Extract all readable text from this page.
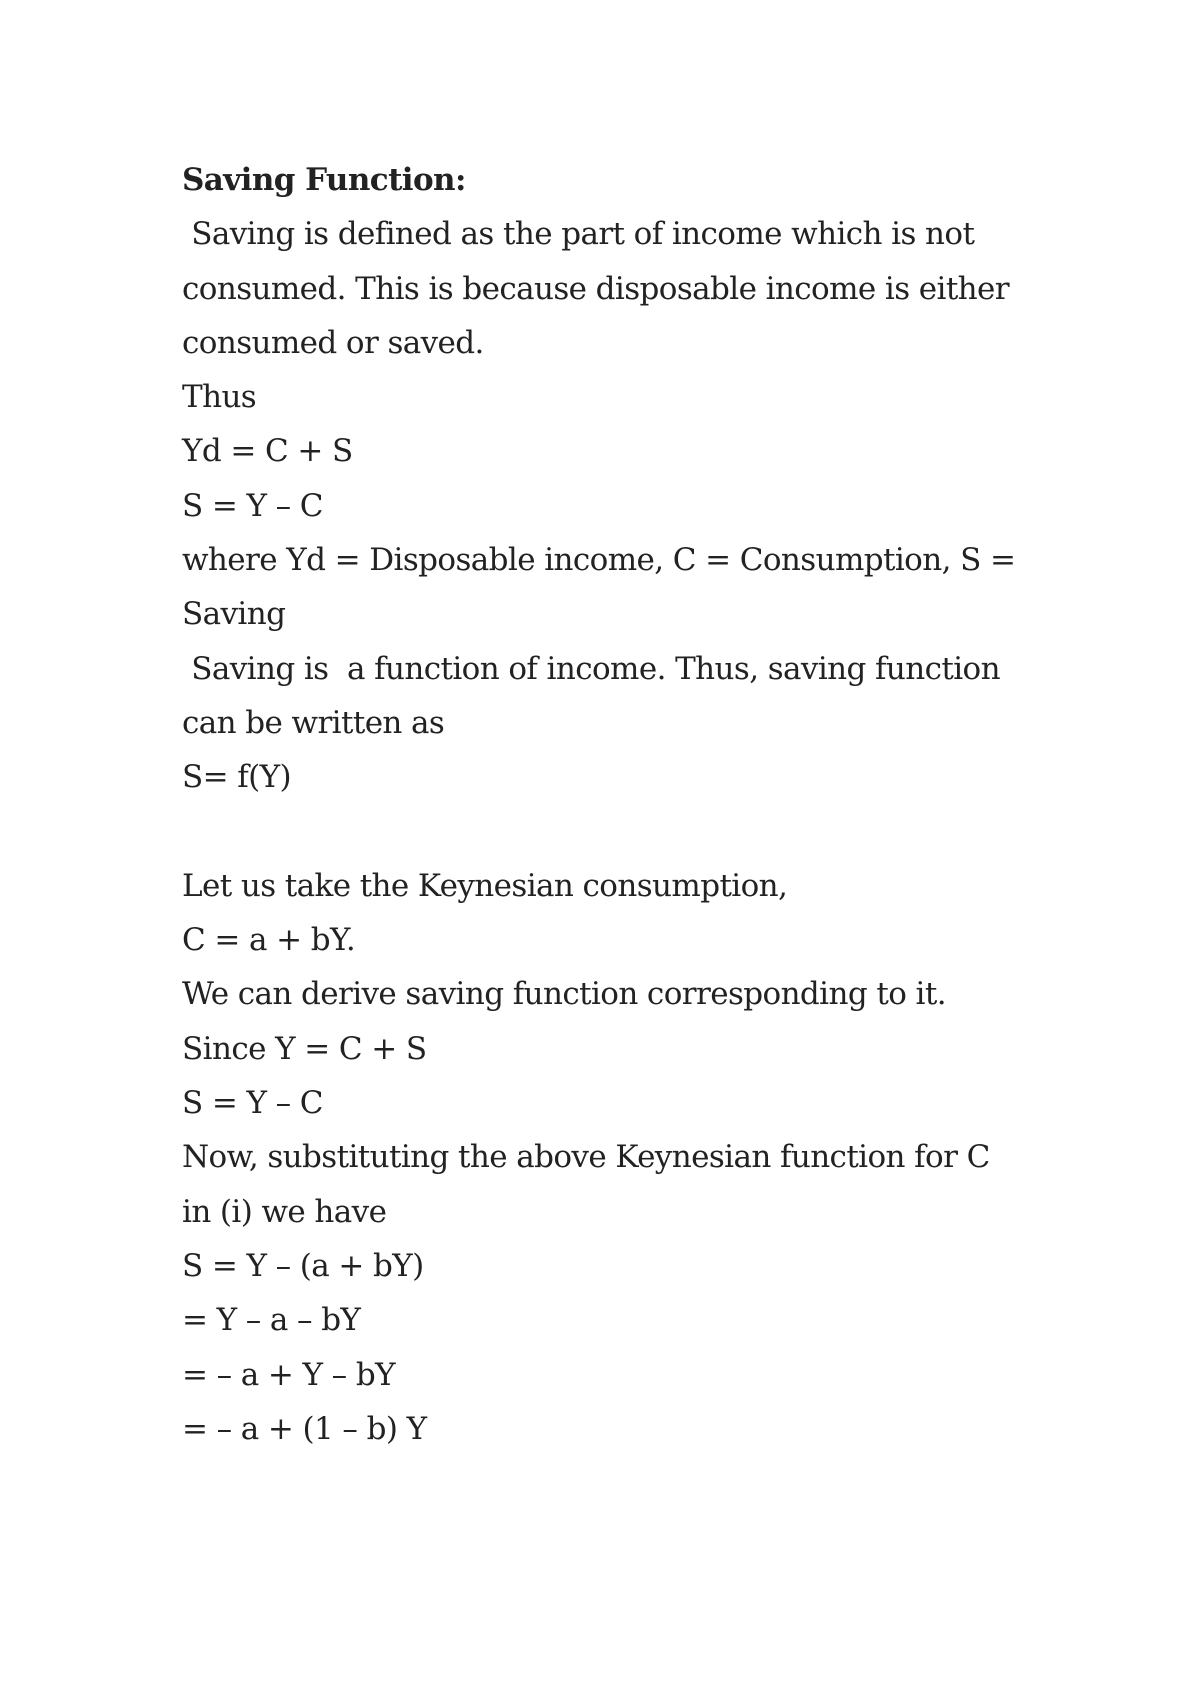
Saving Function:
Saving is defined as the part of income which is not
consumed. This is because disposable income is either
consumed or saved.
Thus
Yd = C + S
S = Y – C
where Yd = Disposable income, C = Consumption, S =
Saving
Saving is  a function of income. Thus, saving function
can be written as
S= f(Y)
Let us take the Keynesian consumption,
C = a + bY.
We can derive saving function corresponding to it.
Since Y = C + S
S = Y – C
Now, substituting the above Keynesian function for C
in (i) we have
S = Y – (a + bY)
= Y – a – bY
= – a + Y – bY
= – a + (1 – b) Y
